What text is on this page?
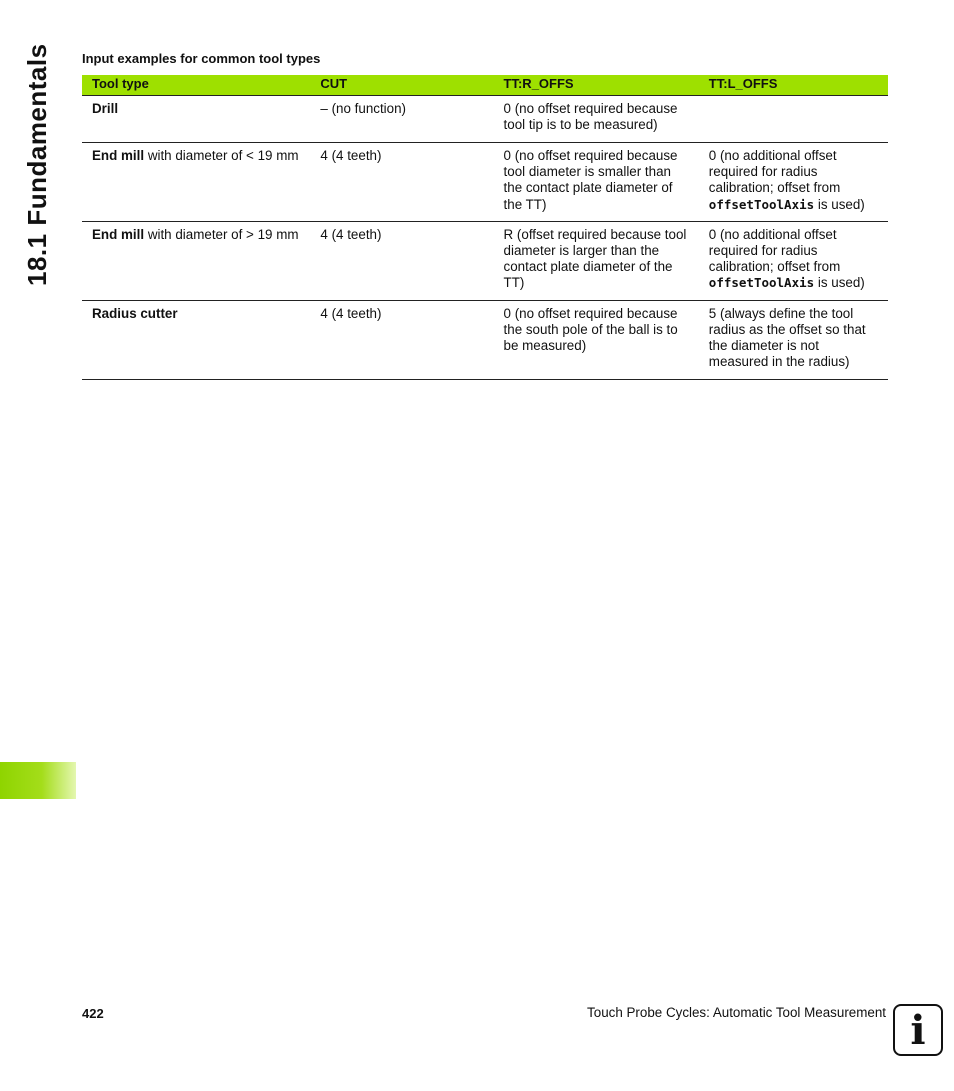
18.1 Fundamentals Input examples for common tool types
Tool type	CUT	TT:R_OFFS	TT:L_OFFS
Drill	– (no function)	0 (no offset required because tool tip is to be measured)	
End mill with diameter of < 19 mm	4 (4 teeth)	0 (no offset required because tool diameter is smaller than the contact plate diameter of the TT)	0 (no additional offset required for radius calibration; offset from offsetToolAxis is used)
End mill with diameter of > 19 mm	4 (4 teeth)	R (offset required because tool diameter is larger than the contact plate diameter of the TT)	0 (no additional offset required for radius calibration; offset from offsetToolAxis is used)
Radius cutter	4 (4 teeth)	0 (no offset required because the south pole of the ball is to be measured)	5 (always define the tool radius as the offset so that the diameter is not measured in the radius)
422	Touch Probe Cycles: Automatic Tool Measurement i
